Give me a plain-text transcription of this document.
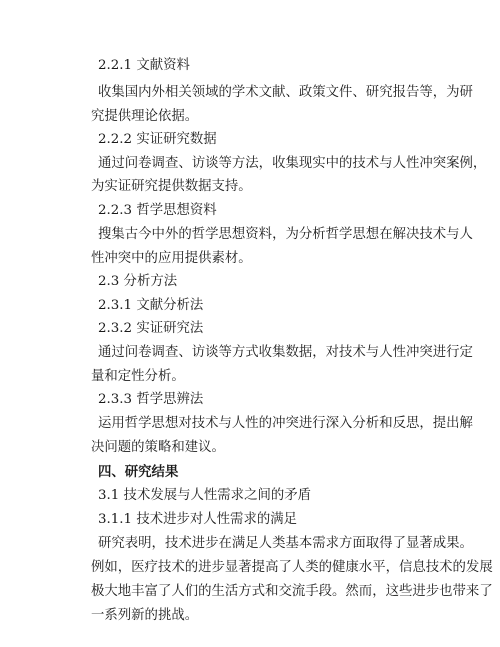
2.2.1 文献资料
收集国内外相关领域的学术文献、政策文件、研究报告等，为研
究提供理论依据。
2.2.2 实证研究数据
通过问卷调查、访谈等方法，收集现实中的技术与人性冲突案例，
为实证研究提供数据支持。
2.2.3 哲学思想资料
搜集古今中外的哲学思想资料，为分析哲学思想在解决技术与人
性冲突中的应用提供素材。
2.3 分析方法
2.3.1 文献分析法
2.3.2 实证研究法
通过问卷调查、访谈等方式收集数据，对技术与人性冲突进行定
量和定性分析。
2.3.3 哲学思辨法
运用哲学思想对技术与人性的冲突进行深入分析和反思，提出解
决问题的策略和建议。
四、研究结果
3.1 技术发展与人性需求之间的矛盾
3.1.1 技术进步对人性需求的满足
研究表明，技术进步在满足人类基本需求方面取得了显著成果。
例如，医疗技术的进步显著提高了人类的健康水平，信息技术的发展
极大地丰富了人们的生活方式和交流手段。然而，这些进步也带来了
一系列新的挑战。
